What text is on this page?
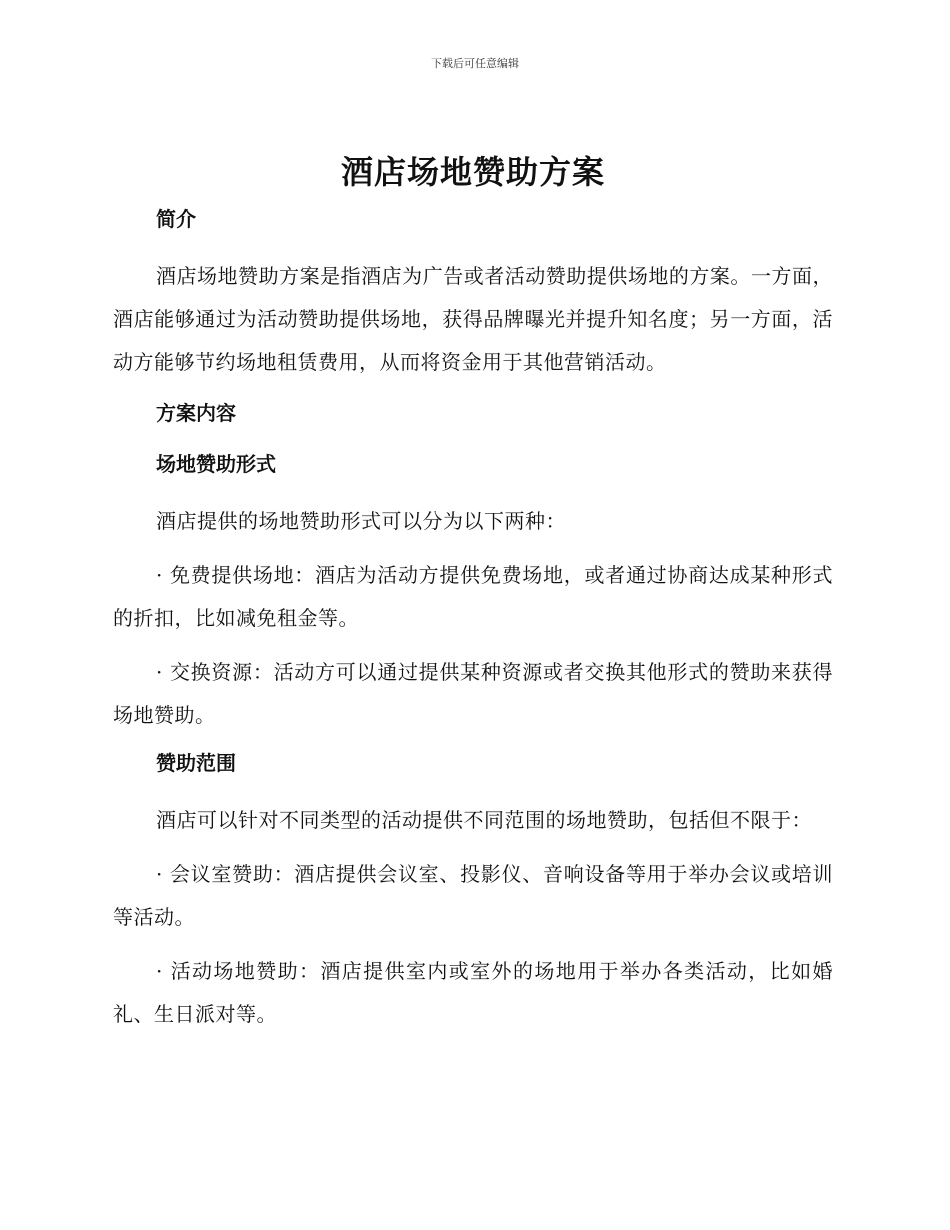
下载后可任意编辑
酒店场地赞助方案
简介

酒店场地赞助方案是指酒店为广告或者活动赞助提供场地的方案。一方面，酒店能够通过为活动赞助提供场地，获得品牌曝光并提升知名度；另一方面，活动方能够节约场地租赁费用，从而将资金用于其他营销活动。

方案内容
场地赞助形式

酒店提供的场地赞助形式可以分为以下两种：

· 免费提供场地：酒店为活动方提供免费场地，或者通过协商达成某种形式的折扣，比如减免租金等。

· 交换资源：活动方可以通过提供某种资源或者交换其他形式的赞助来获得场地赞助。

赞助范围

酒店可以针对不同类型的活动提供不同范围的场地赞助，包括但不限于：

· 会议室赞助：酒店提供会议室、投影仪、音响设备等用于举办会议或培训等活动。

· 活动场地赞助：酒店提供室内或室外的场地用于举办各类活动，比如婚礼、生日派对等。
